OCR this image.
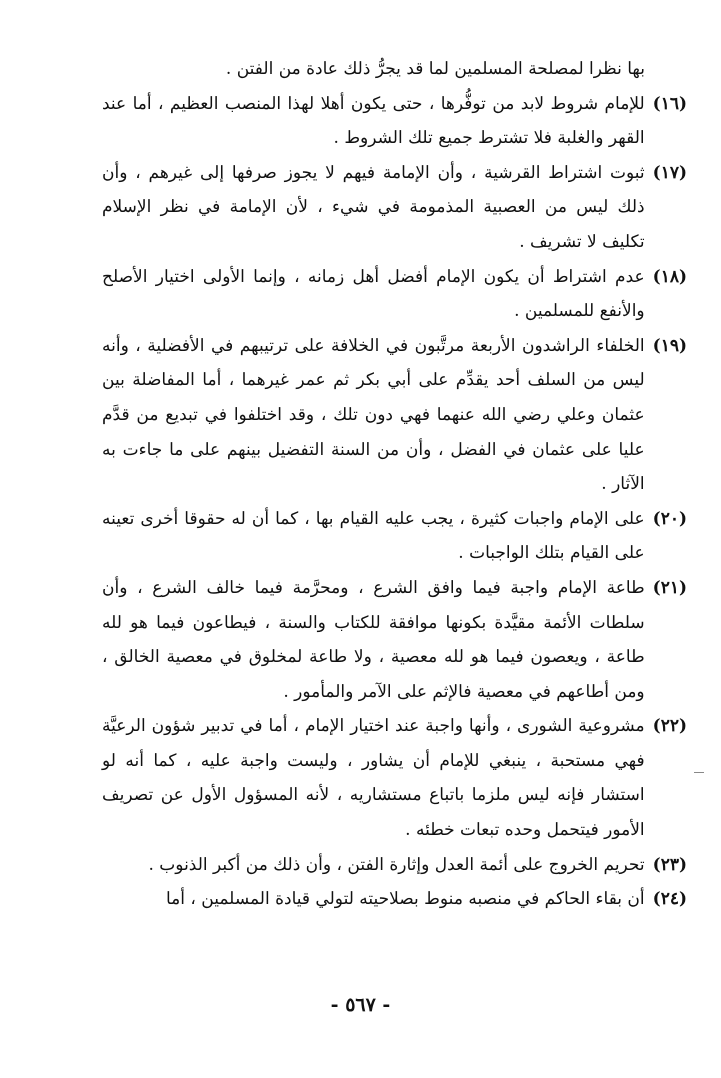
بها نظرا لمصلحة المسلمين لما قد يجرُّ ذلك عادة من الفتن .

(١٦)
للإمام شروط لابد من توفُّرها ، حتى يكون أهلا لهذا المنصب العظيم ، أما عند القهر والغلبة فلا تشترط جميع تلك الشروط .
(١٧)
ثبوت اشتراط القرشية ، وأن الإمامة فيهم لا يجوز صرفها إلى غيرهم ، وأن ذلك ليس من العصبية المذمومة في شيء ، لأن الإمامة في نظر الإسلام تكليف لا تشريف .
(١٨)
عدم اشتراط أن يكون الإمام أفضل أهل زمانه ، وإنما الأولى اختيار الأصلح والأنفع للمسلمين .
(١٩)
الخلفاء الراشدون الأربعة مرتَّبون في الخلافة على ترتيبهم في الأفضلية ، وأنه ليس من السلف أحد يقدِّم على أبي بكر ثم عمر غيرهما ، أما المفاضلة بين عثمان وعلي رضي الله عنهما فهي دون تلك ، وقد اختلفوا في تبديع من قدَّم عليا على عثمان في الفضل ، وأن من السنة التفضيل بينهم على ما جاءت به الآثار .
(٢٠)
على الإمام واجبات كثيرة ، يجب عليه القيام بها ، كما أن له حقوقا أخرى تعينه على القيام بتلك الواجبات .
(٢١)
طاعة الإمام واجبة فيما وافق الشرع ، ومحرَّمة فيما خالف الشرع ، وأن سلطات الأئمة مقيَّدة بكونها موافقة للكتاب والسنة ، فيطاعون فيما هو لله طاعة ، ويعصون فيما هو لله معصية ، ولا طاعة لمخلوق في معصية الخالق ، ومن أطاعهم في معصية فالإثم على الآمر والمأمور .
(٢٢)
مشروعية الشورى ، وأنها واجبة عند اختيار الإمام ، أما في تدبير شؤون الرعيَّة فهي مستحبة ، ينبغي للإمام أن يشاور ، وليست واجبة عليه ، كما أنه لو استشار فإنه ليس ملزما باتباع مستشاريه ، لأنه المسؤول الأول عن تصريف الأمور فيتحمل وحده تبعات خطئه .
(٢٣)
تحريم الخروج على أئمة العدل وإثارة الفتن ، وأن ذلك من أكبر الذنوب .
(٢٤)
أن بقاء الحاكم في منصبه منوط بصلاحيته لتولي قيادة المسلمين ، أما
- ٥٦٧ -
